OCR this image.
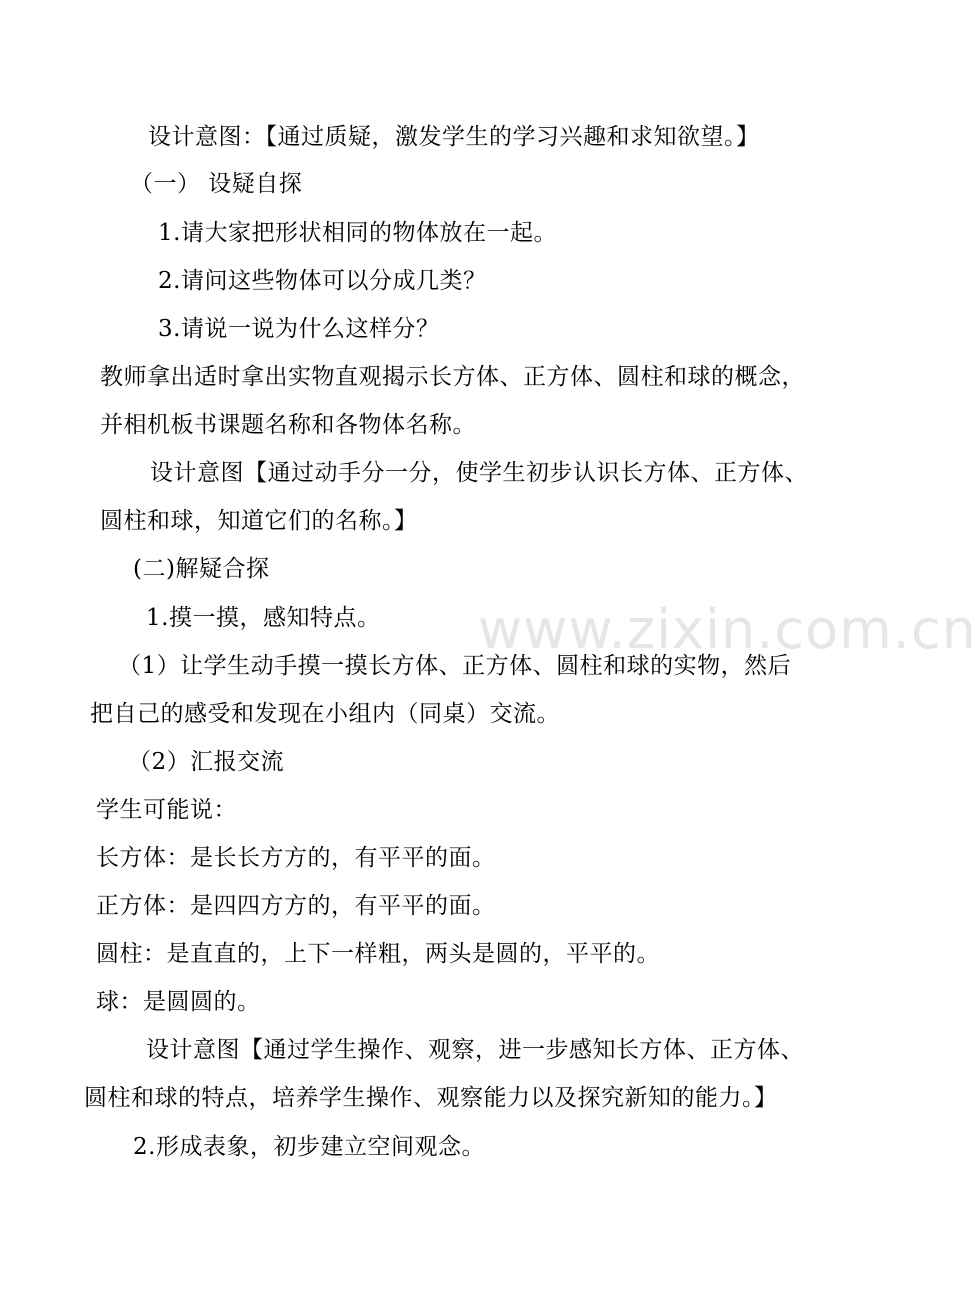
www.zixin.com.cn
设计意图：【通过质疑，激发学生的学习兴趣和求知欲望。】
（一） 设疑自探
1.请大家把形状相同的物体放在一起。
2.请问这些物体可以分成几类？
3.请说一说为什么这样分？
教师拿出适时拿出实物直观揭示长方体、正方体、圆柱和球的概念，
并相机板书课题名称和各物体名称。
设计意图【通过动手分一分，使学生初步认识长方体、正方体、
圆柱和球，知道它们的名称。】
(二)解疑合探
1.摸一摸，感知特点。
（1）让学生动手摸一摸长方体、正方体、圆柱和球的实物，然后
把自己的感受和发现在小组内（同桌）交流。
（2）汇报交流
学生可能说：
长方体：是长长方方的，有平平的面。
正方体：是四四方方的，有平平的面。
圆柱：是直直的，上下一样粗，两头是圆的，平平的。
球：是圆圆的。
设计意图【通过学生操作、观察，进一步感知长方体、正方体、
圆柱和球的特点，培养学生操作、观察能力以及探究新知的能力。】
2.形成表象，初步建立空间观念。
